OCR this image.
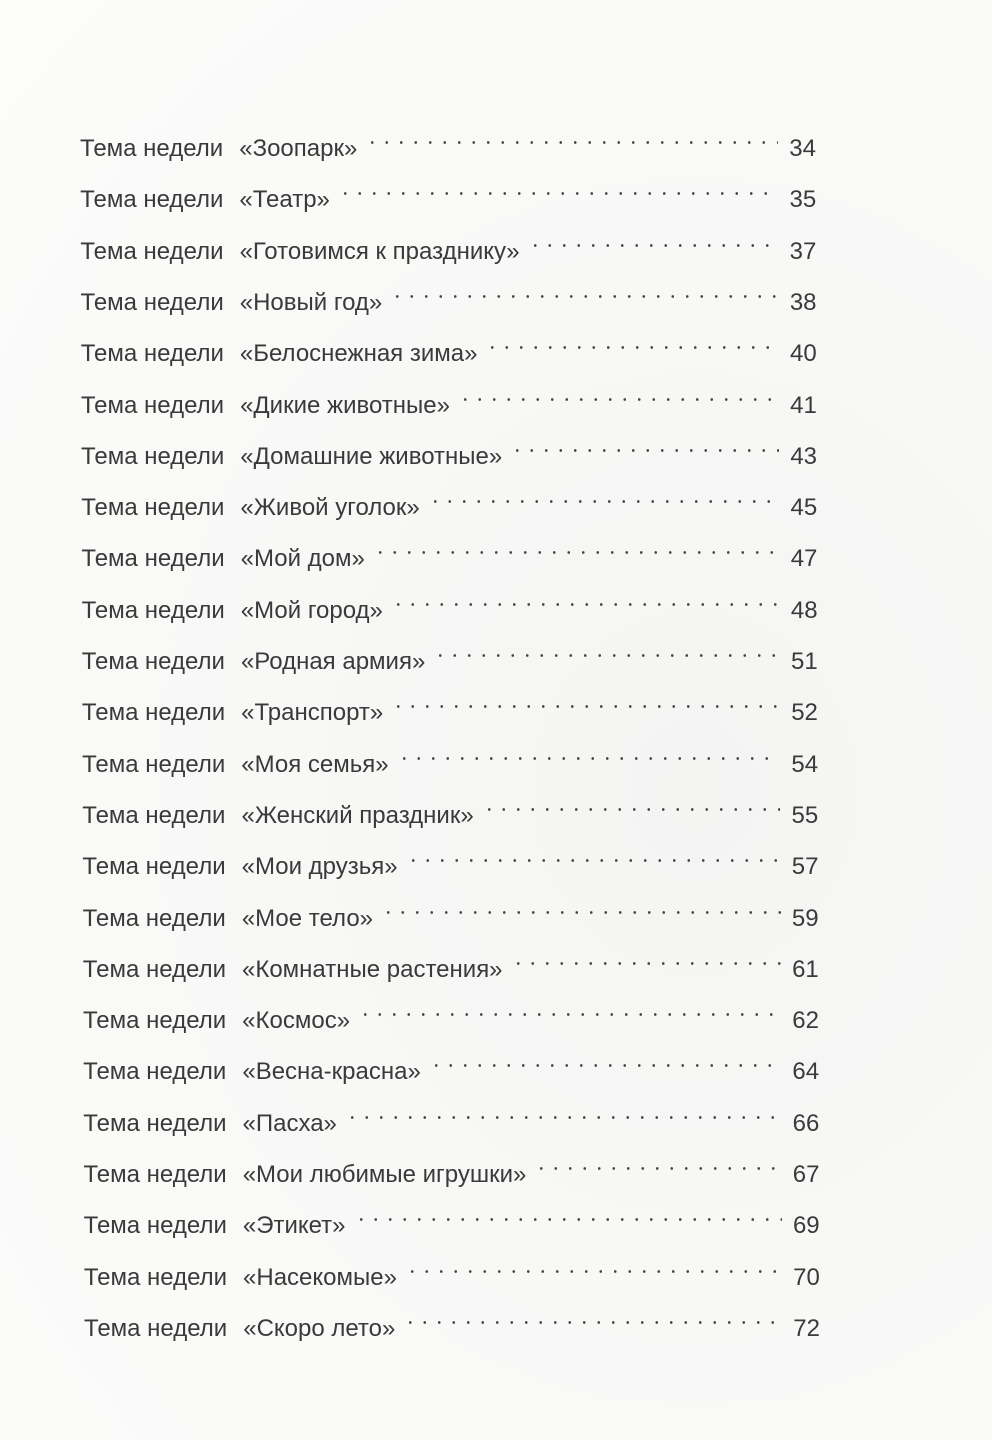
Тема недели «Зоопарк»	34
Тема недели «Театр»	35
Тема недели «Готовимся к празднику»	37
Тема недели «Новый год»	38
Тема недели «Белоснежная зима»	40
Тема недели «Дикие животные»	41
Тема недели «Домашние животные»	43
Тема недели «Живой уголок»	45
Тема недели «Мой дом»	47
Тема недели «Мой город»	48
Тема недели «Родная армия»	51
Тема недели «Транспорт»	52
Тема недели «Моя семья»	54
Тема недели «Женский праздник»	55
Тема недели «Мои друзья»	57
Тема недели «Мое тело»	59
Тема недели «Комнатные растения»	61
Тема недели «Космос»	62
Тема недели «Весна-красна»	64
Тема недели «Пасха»	66
Тема недели «Мои любимые игрушки»	67
Тема недели «Этикет»	69
Тема недели «Насекомые»	70
Тема недели «Скоро лето»	72
